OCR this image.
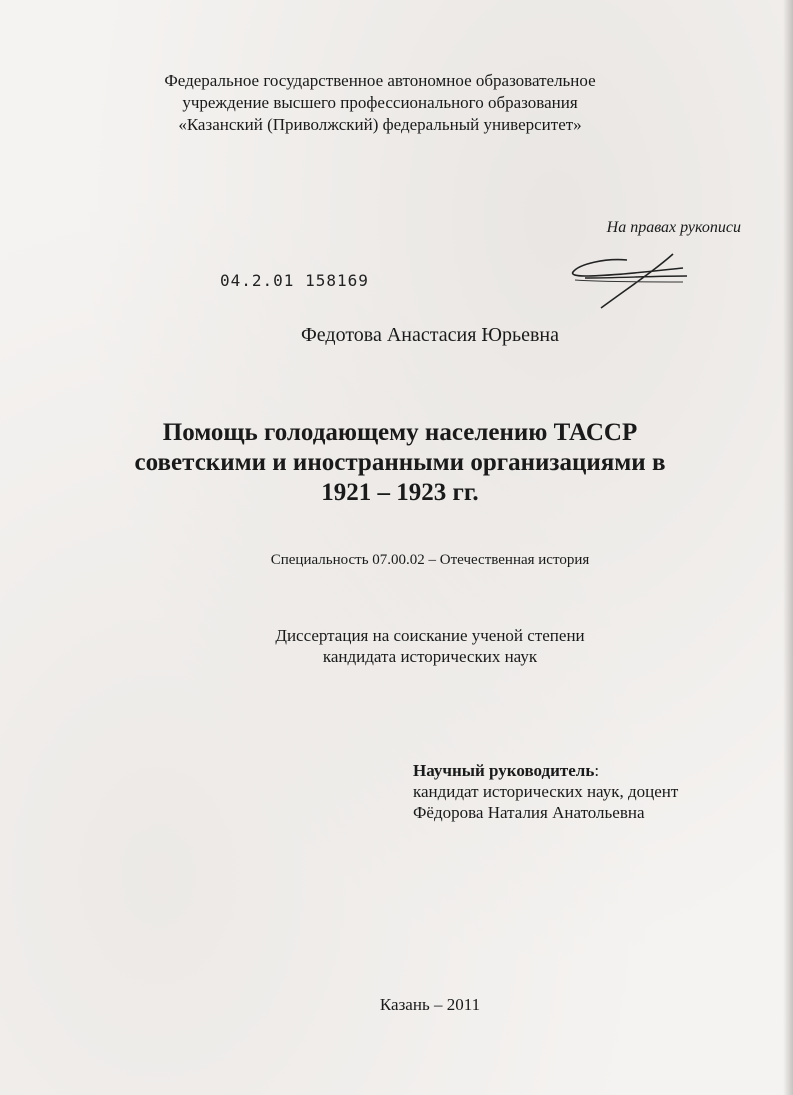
Федеральное государственное автономное образовательное
учреждение высшего профессионального образования
«Казанский (Приволжский) федеральный университет»
На правах рукописи
04.2.01 158169
Федотова Анастасия Юрьевна
Помощь голодающему населению ТАССР
советскими и иностранными организациями в
1921 – 1923 гг.
Специальность 07.00.02 – Отечественная история
Диссертация на соискание ученой степени
кандидата исторических наук
Научный руководитель:
кандидат исторических наук, доцент
Фёдорова Наталия Анатольевна
Казань – 2011
